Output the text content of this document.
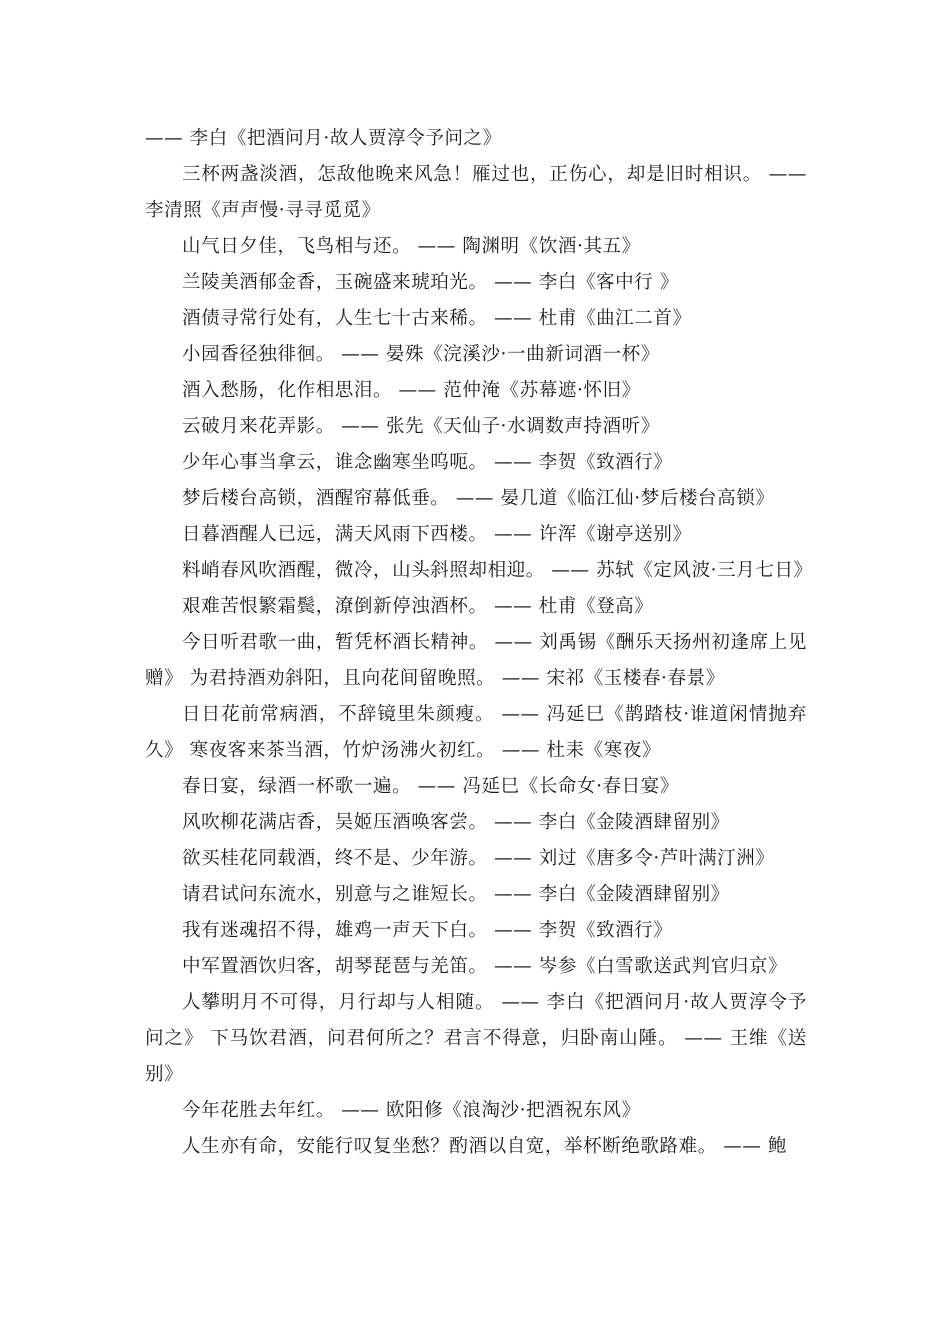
—— 李白《把酒问月·故人贾淳令予问之》

三杯两盏淡酒，怎敌他晚来风急！雁过也，正伤心，却是旧时相识。 —— 李清照《声声慢·寻寻觅觅》

山气日夕佳，飞鸟相与还。 —— 陶渊明《饮酒·其五》

兰陵美酒郁金香，玉碗盛来琥珀光。 —— 李白《客中行 》

酒债寻常行处有，人生七十古来稀。 —— 杜甫《曲江二首》

小园香径独徘徊。 —— 晏殊《浣溪沙·一曲新词酒一杯》

酒入愁肠，化作相思泪。 —— 范仲淹《苏幕遮·怀旧》

云破月来花弄影。 —— 张先《天仙子·水调数声持酒听》

少年心事当拿云，谁念幽寒坐呜呃。 —— 李贺《致酒行》

梦后楼台高锁，酒醒帘幕低垂。 —— 晏几道《临江仙·梦后楼台高锁》

日暮酒醒人已远，满天风雨下西楼。 —— 许浑《谢亭送别》

料峭春风吹酒醒，微冷，山头斜照却相迎。 —— 苏轼《定风波·三月七日》

艰难苦恨繁霜鬓，潦倒新停浊酒杯。 —— 杜甫《登高》

今日听君歌一曲，暂凭杯酒长精神。 —— 刘禹锡《酬乐天扬州初逢席上见赠》 为君持酒劝斜阳，且向花间留晚照。 —— 宋祁《玉楼春·春景》

日日花前常病酒，不辞镜里朱颜瘦。 —— 冯延巳《鹊踏枝·谁道闲情抛弃久》 寒夜客来茶当酒，竹炉汤沸火初红。 —— 杜耒《寒夜》

春日宴，绿酒一杯歌一遍。 —— 冯延巳《长命女·春日宴》

风吹柳花满店香，吴姬压酒唤客尝。 —— 李白《金陵酒肆留别》

欲买桂花同载酒，终不是、少年游。 —— 刘过《唐多令·芦叶满汀洲》

请君试问东流水，别意与之谁短长。 —— 李白《金陵酒肆留别》

我有迷魂招不得，雄鸡一声天下白。 —— 李贺《致酒行》

中军置酒饮归客，胡琴琵琶与羌笛。 —— 岑参《白雪歌送武判官归京》

人攀明月不可得，月行却与人相随。 —— 李白《把酒问月·故人贾淳令予问之》 下马饮君酒，问君何所之？君言不得意，归卧南山陲。 —— 王维《送别》

今年花胜去年红。 —— 欧阳修《浪淘沙·把酒祝东风》

人生亦有命，安能行叹复坐愁？酌酒以自宽，举杯断绝歌路难。 —— 鲍
